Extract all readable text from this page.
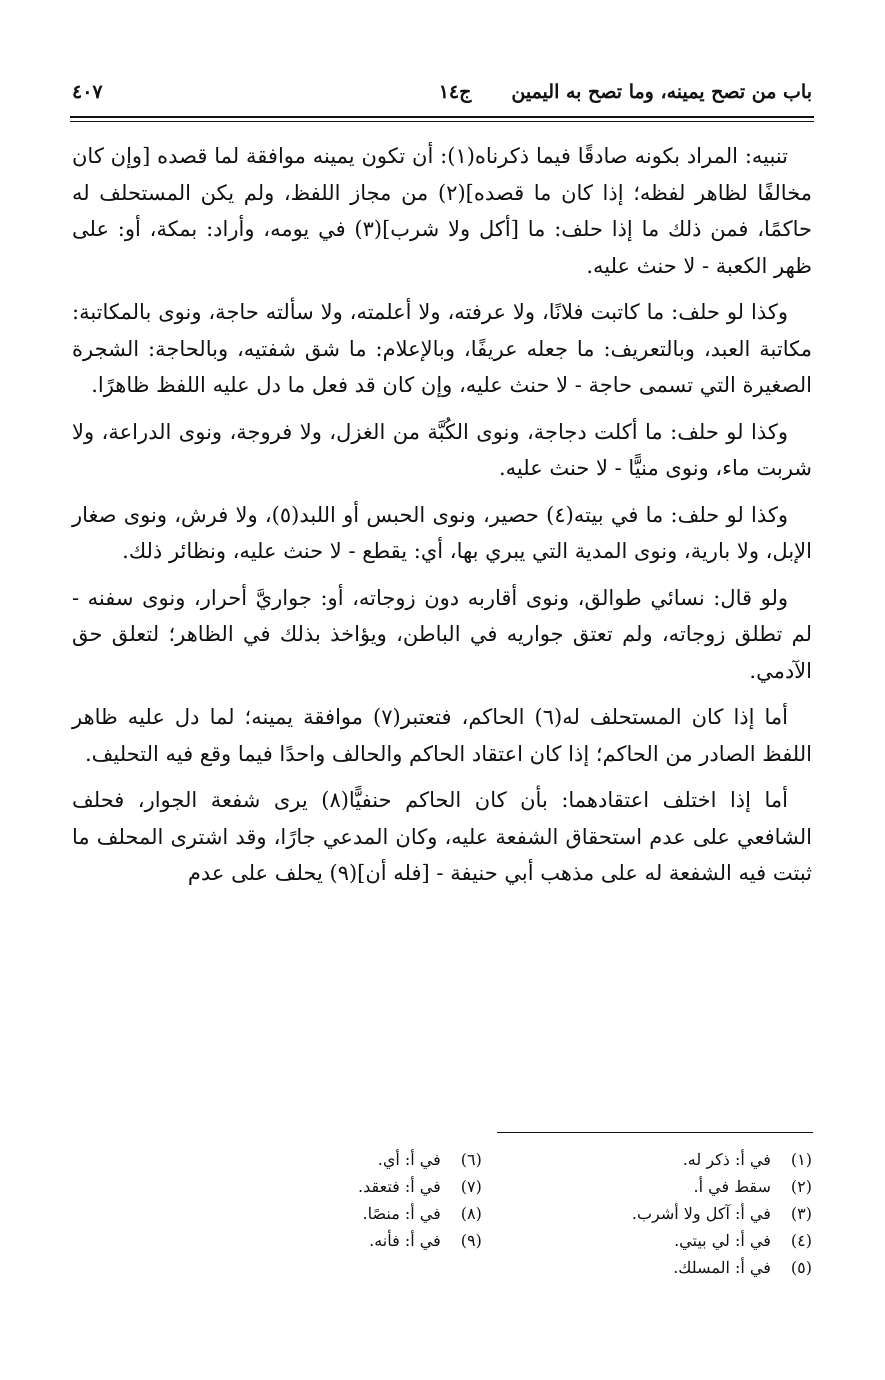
باب من تصح يمينه، وما تصح به اليمين
ج١٤
٤٠٧

تنبيه: المراد بكونه صادقًا فيما ذكرناه(١): أن تكون يمينه موافقة لما قصده [وإن كان مخالفًا لظاهر لفظه؛ إذا كان ما قصده](٢) من مجاز اللفظ، ولم يكن المستحلف له حاكمًا، فمن ذلك ما إذا حلف: ما [أكل ولا شرب](٣) في يومه، وأراد: بمكة، أو: على ظهر الكعبة - لا حنث عليه.

وكذا لو حلف: ما كاتبت فلانًا، ولا عرفته، ولا أعلمته، ولا سألته حاجة، ونوى بالمكاتبة: مكاتبة العبد، وبالتعريف: ما جعله عريفًا، وبالإعلام: ما شق شفتيه، وبالحاجة: الشجرة الصغيرة التي تسمى حاجة - لا حنث عليه، وإن كان قد فعل ما دل عليه اللفظ ظاهرًا.

وكذا لو حلف: ما أكلت دجاجة، ونوى الكُبَّة من الغزل، ولا فروجة، ونوى الدراعة، ولا شربت ماء، ونوى منيًّا - لا حنث عليه.

وكذا لو حلف: ما في بيته(٤) حصير، ونوى الحبس أو اللبد(٥)، ولا فرش، ونوى صغار الإبل، ولا بارية، ونوى المدية التي يبري بها، أي: يقطع - لا حنث عليه، ونظائر ذلك.

ولو قال: نسائي طوالق، ونوى أقاربه دون زوجاته، أو: جواريَّ أحرار، ونوى سفنه - لم تطلق زوجاته، ولم تعتق جواريه في الباطن، ويؤاخذ بذلك في الظاهر؛ لتعلق حق الآدمي.

أما إذا كان المستحلف له(٦) الحاكم، فتعتبر(٧) موافقة يمينه؛ لما دل عليه ظاهر اللفظ الصادر من الحاكم؛ إذا كان اعتقاد الحاكم والحالف واحدًا فيما وقع فيه التحليف.

أما إذا اختلف اعتقادهما: بأن كان الحاكم حنفيًّا(٨) يرى شفعة الجوار، فحلف الشافعي على عدم استحقاق الشفعة عليه، وكان المدعي جارًا، وقد اشترى المحلف ما ثبتت فيه الشفعة له على مذهب أبي حنيفة - [فله أن](٩) يحلف على عدم

(١) في أ: ذكر له.
(٢) سقط في أ.
(٣) في أ: آكل ولا أشرب.
(٤) في أ: لي بيتي.
(٥) في أ: المسلك.
(٦) في أ: أي.
(٧) في أ: فتعقد.
(٨) في أ: منصًا.
(٩) في أ: فأنه.
